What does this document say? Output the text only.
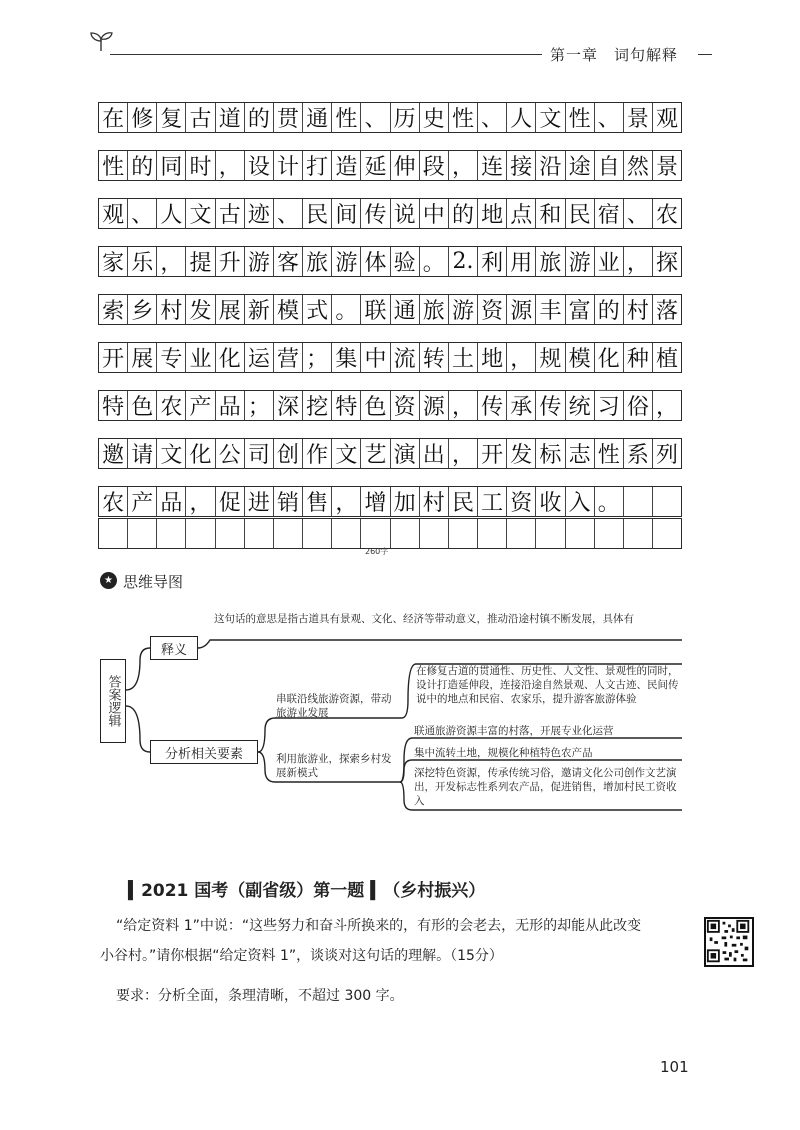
第一章　词句解释
在 修 复 古 道 的 贯 通 性 、 历 史 性 、 人 文 性 、 景 观
性 的 同 时 ， 设 计 打 造 延 伸 段 ， 连 接 沿 途 自 然 景
观 、 人 文 古 迹 、 民 间 传 说 中 的 地 点 和 民 宿 、 农
家 乐 ， 提 升 游 客 旅 游 体 验 。 2. 利 用 旅 游 业 ， 探
索 乡 村 发 展 新 模 式 。 联 通 旅 游 资 源 丰 富 的 村 落
开 展 专 业 化 运 营 ； 集 中 流 转 土 地 ， 规 模 化 种 植
特 色 农 产 品 ； 深 挖 特 色 资 源 ， 传 承 传 统 习 俗 ，
邀 请 文 化 公 司 创 作 文 艺 演 出 ， 开 发 标 志 性 系 列
农 产 品 ， 促 进 销 售 ， 增 加 村 民 工 资 收 入 。
260字
★ 思维导图
答案逻辑
释义
这句话的意思是指古道具有景观、文化、经济等带动意义，推动沿途村镇不断发展，具体有
分析相关要素
串联沿线旅游资源，带动旅游业发展
在修复古道的贯通性、历史性、人文性、景观性的同时，设计打造延伸段，连接沿途自然景观、人文古迹、民间传说中的地点和民宿、农家乐，提升游客旅游体验
利用旅游业，探索乡村发展新模式
联通旅游资源丰富的村落，开展专业化运营
集中流转土地，规模化种植特色农产品
深挖特色资源，传承传统习俗，邀请文化公司创作文艺演出，开发标志性系列农产品，促进销售，增加村民工资收入
▍2021 国考（副省级）第一题 ▍（乡村振兴）
“给定资料 1”中说：“这些努力和奋斗所换来的，有形的会老去，无形的却能从此改变
小谷村。”请你根据“给定资料 1”，谈谈对这句话的理解。（15分）
要求：分析全面，条理清晰，不超过 300 字。
101
